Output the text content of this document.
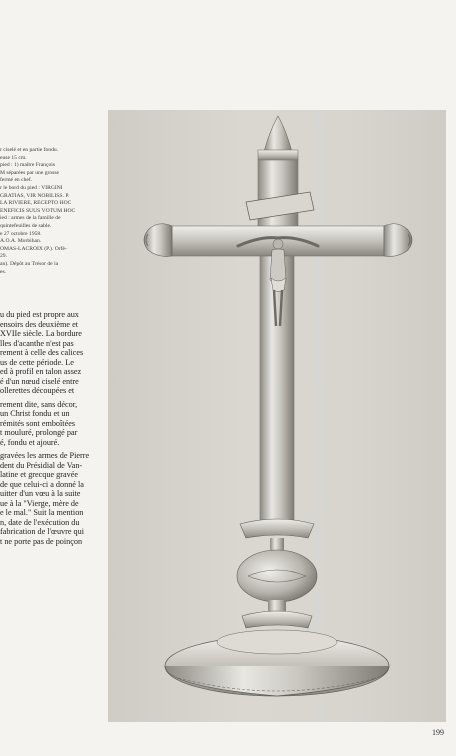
r ciselé et en partie fondu.
euse 15 cm.
pied : 1) maître François
M séparées par une grosse
fermé en chef.
r le bord du pied : VIRGINI
GRATIAS, VIR NOBILISS. P.
LA RIVIERE, RECEPTO HOC
ENEFICIS SUUS VOTUM HOC
ied : armes de la famille de
quintefeuilles de sable.
e 27 octobre 1958.
A.O.A. Morbihan.
OMAS-LACROIX (P.). Orfè-
29.
an). Dépôt au Trésor de la
es.

u du pied est propre aux
ensoirs des deuxième et
XVIIe siècle. La bordure
lles d'acanthe n'est pas
rement à celle des calices
us de cette période. Le
ed à profil en talon assez
é d'un nœud ciselé entre
ollerettes découpées et

rement dite, sans décor,
un Christ fondu et un
rémités sont emboîtées
t mouluré, prolongé par
é, fondu et ajouré.

gravées les armes de Pierre
dent du Présidial de Van-
latine et grecque gravée
de que celui-ci a donné la
uitter d'un vœu à la suite
ue à la "Vierge, mère de
e le mal." Suit la mention
n, date de l'exécution du
fabrication de l'œuvre qui
t ne porte pas de poinçon

199
